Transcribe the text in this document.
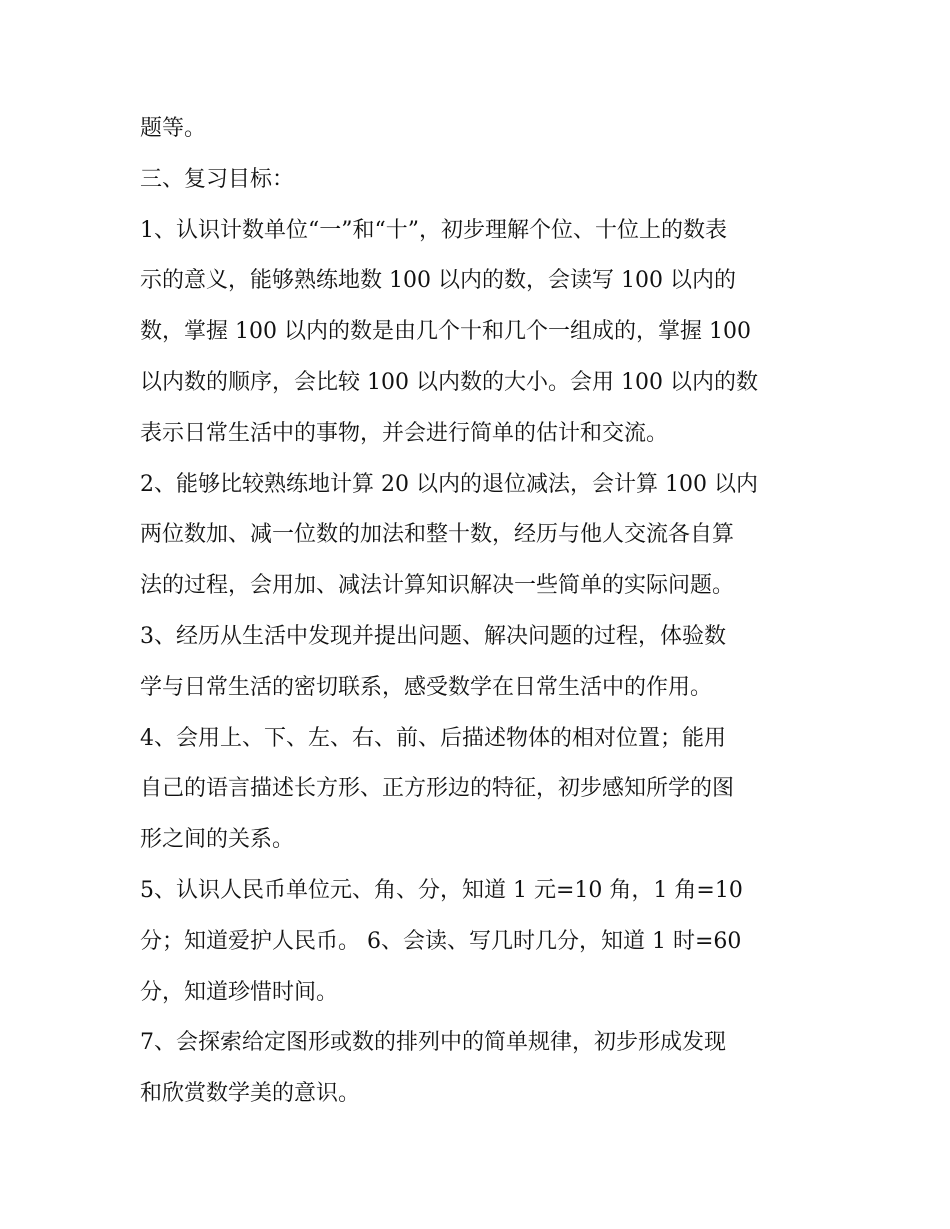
题等。
三、复习目标：
1、认识计数单位“一”和“十”，初步理解个位、十位上的数表
示的意义，能够熟练地数 100 以内的数，会读写 100 以内的
数，掌握 100 以内的数是由几个十和几个一组成的，掌握 100
以内数的顺序，会比较 100 以内数的大小。会用 100 以内的数
表示日常生活中的事物，并会进行简单的估计和交流。
2、能够比较熟练地计算 20 以内的退位减法，会计算 100 以内
两位数加、减一位数的加法和整十数，经历与他人交流各自算
法的过程，会用加、减法计算知识解决一些简单的实际问题。
3、经历从生活中发现并提出问题、解决问题的过程，体验数
学与日常生活的密切联系，感受数学在日常生活中的作用。
4、会用上、下、左、右、前、后描述物体的相对位置；能用
自己的语言描述长方形、正方形边的特征，初步感知所学的图
形之间的关系。
5、认识人民币单位元、角、分，知道 1 元=10 角，1 角=10
分；知道爱护人民币。 6、会读、写几时几分，知道 1 时=60
分，知道珍惜时间。
7、会探索给定图形或数的排列中的简单规律，初步形成发现
和欣赏数学美的意识。
